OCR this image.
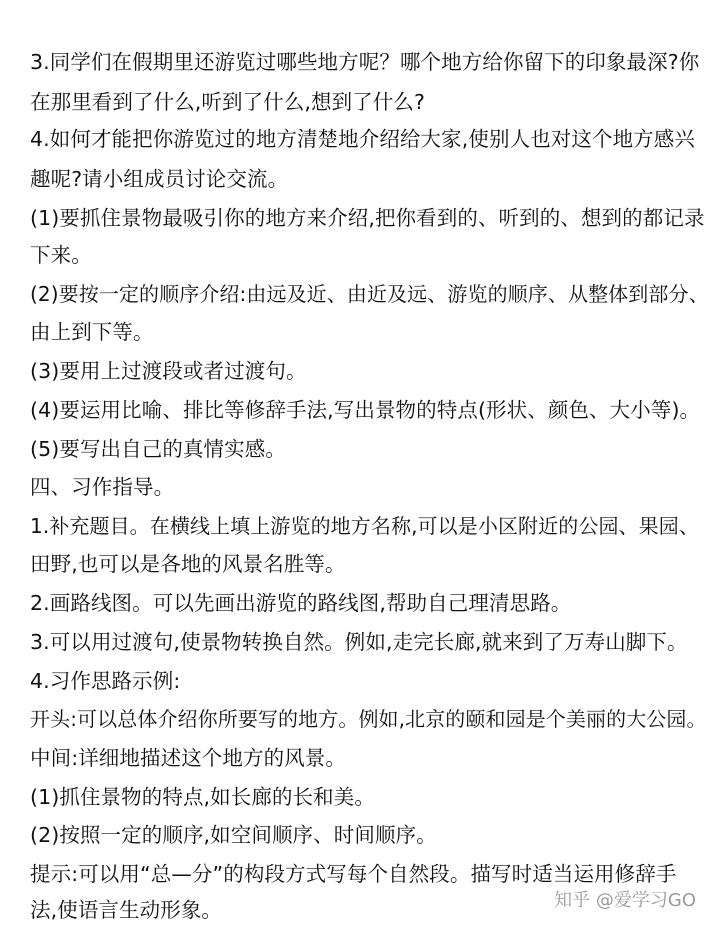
3.同学们在假期里还游览过哪些地方呢？哪个地方给你留下的印象最深?你
在那里看到了什么,听到了什么,想到了什么?
4.如何才能把你游览过的地方清楚地介绍给大家,使别人也对这个地方感兴
趣呢?请小组成员讨论交流。
(1)要抓住景物最吸引你的地方来介绍,把你看到的、听到的、想到的都记录
下来。
(2)要按一定的顺序介绍:由远及近、由近及远、游览的顺序、从整体到部分、
由上到下等。
(3)要用上过渡段或者过渡句。
(4)要运用比喻、排比等修辞手法,写出景物的特点(形状、颜色、大小等)。
(5)要写出自己的真情实感。
四、习作指导。
1.补充题目。在横线上填上游览的地方名称,可以是小区附近的公园、果园、
田野,也可以是各地的风景名胜等。
2.画路线图。可以先画出游览的路线图,帮助自己理清思路。
3.可以用过渡句,使景物转换自然。例如,走完长廊,就来到了万寿山脚下。
4.习作思路示例:
开头:可以总体介绍你所要写的地方。例如,北京的颐和园是个美丽的大公园。
中间:详细地描述这个地方的风景。
(1)抓住景物的特点,如长廊的长和美。
(2)按照一定的顺序,如空间顺序、时间顺序。
提示:可以用“总—分”的构段方式写每个自然段。描写时适当运用修辞手
法,使语言生动形象。	知乎 @爱学习GO
